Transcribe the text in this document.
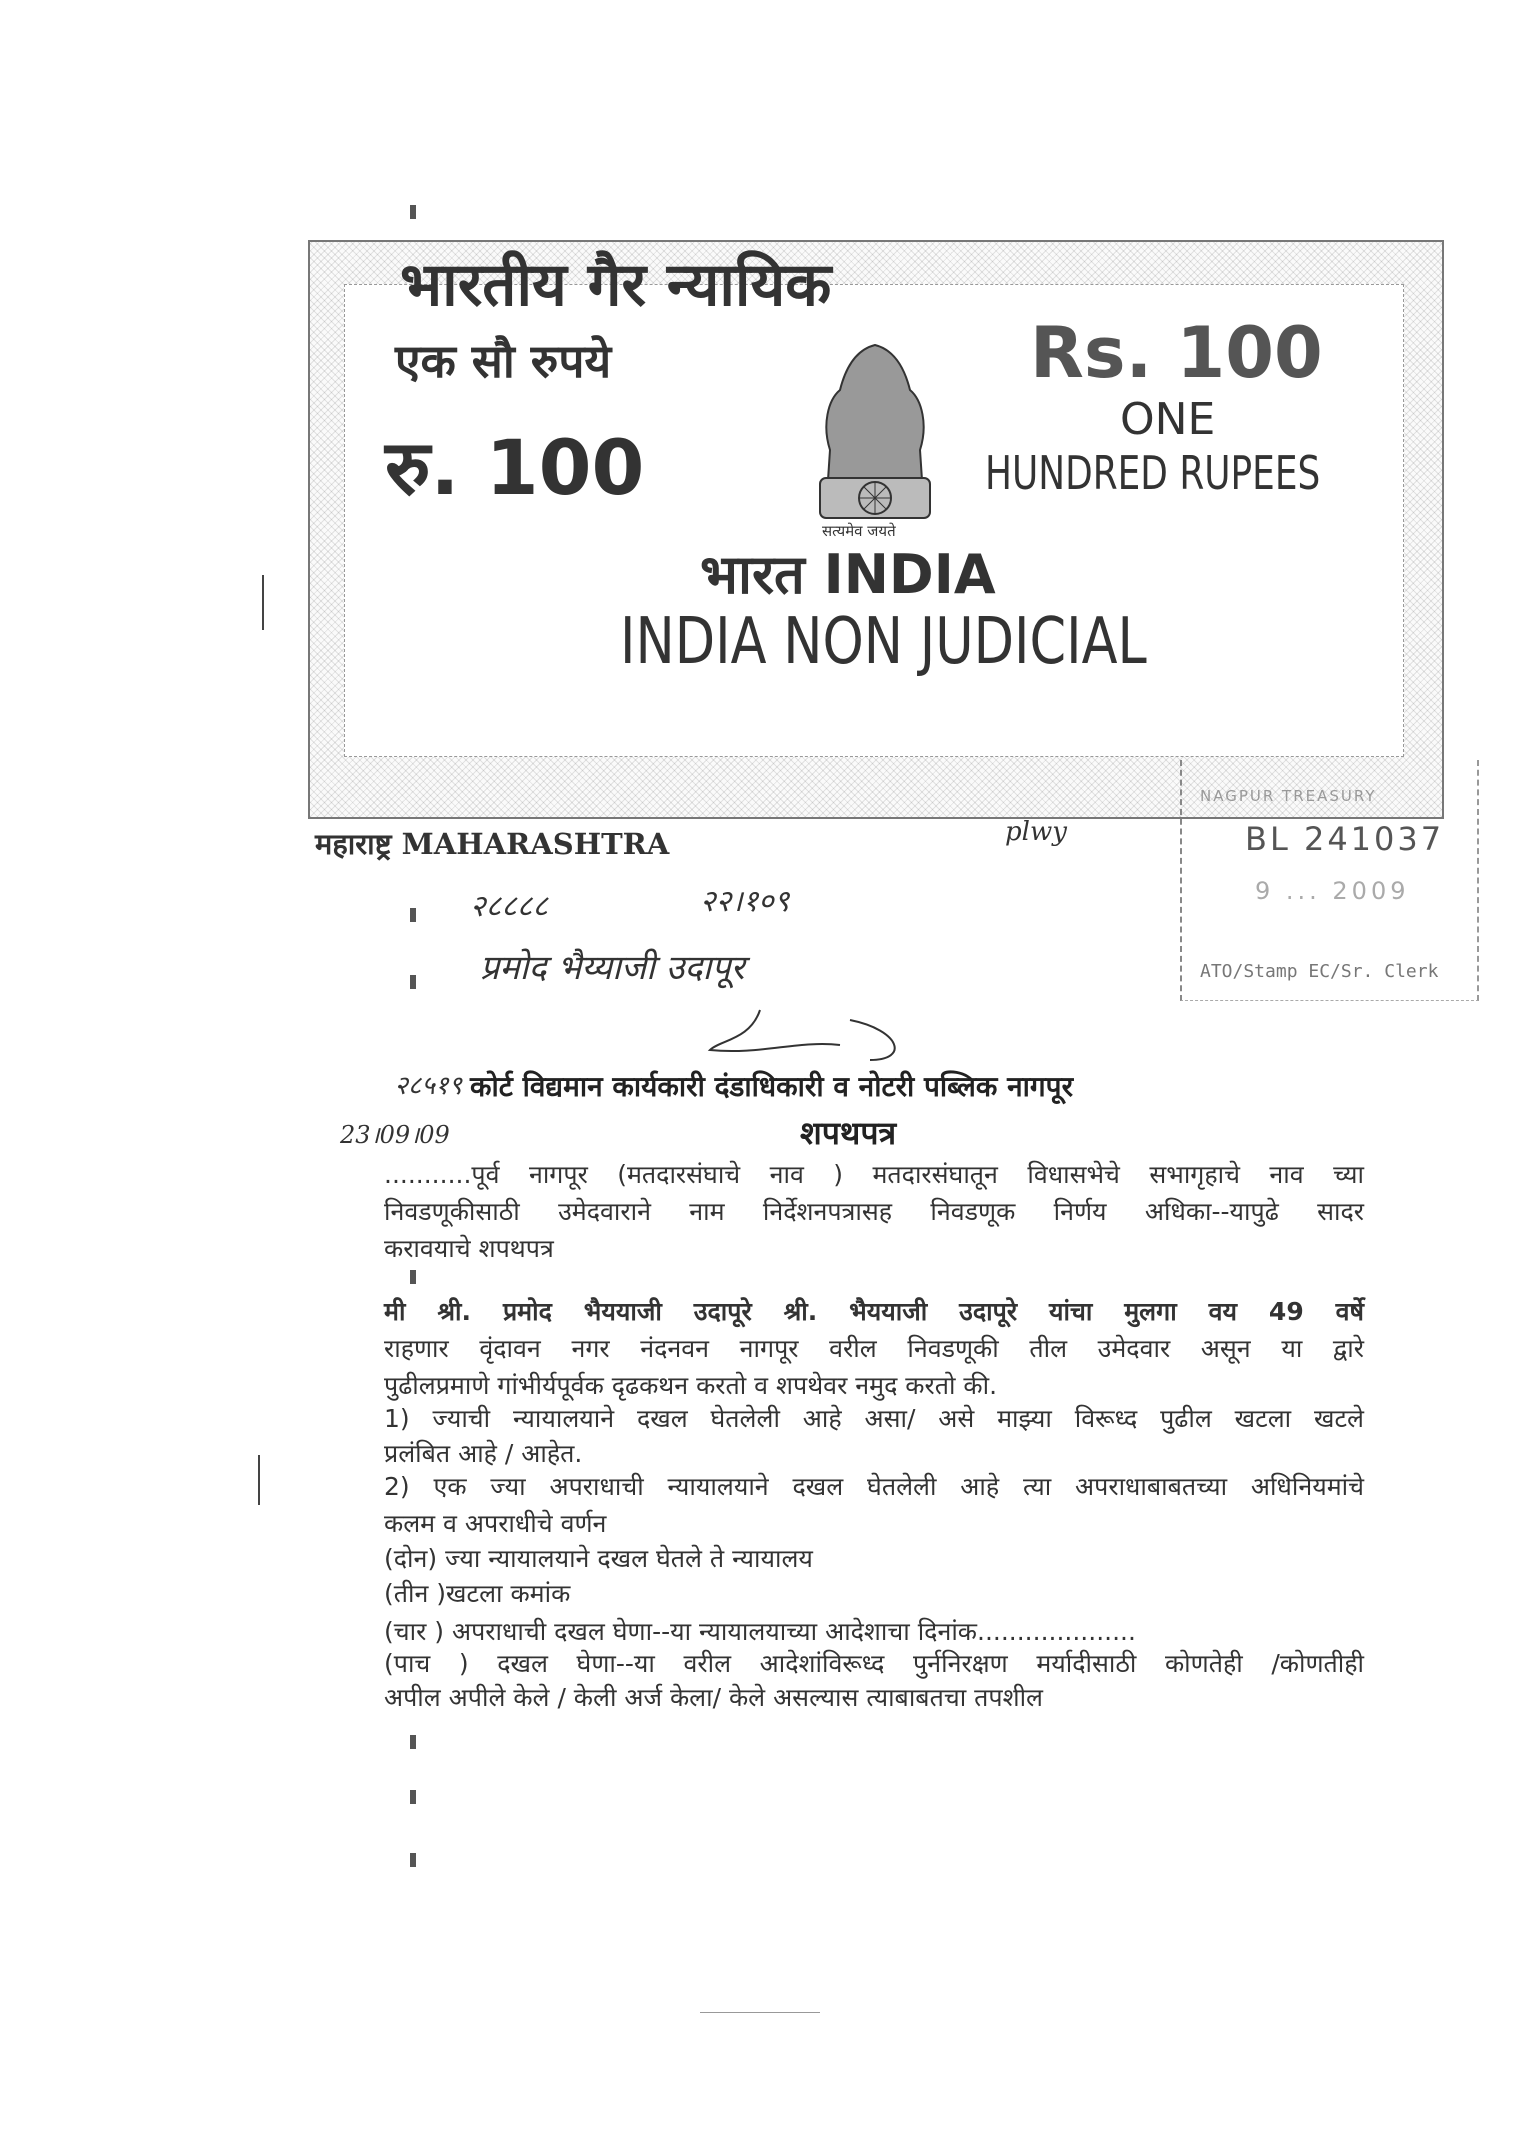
भारतीय गैर न्यायिक
एक सौ रुपये	Rs. 100
रु. 100
ONE
HUNDRED RUPEES
सत्यमेव जयते
भारत INDIA
INDIA NON JUDICIAL
महाराष्ट्र MAHARASHTRA	plwy
NAGPUR TREASURY
BL 241037
9 ... 2009
ATO/Stamp EC/Sr. Clerk
२८८८८	२२।१०९
प्रमोद भैय्याजी उदापूर
२८५१९
23।09।09
कोर्ट विद्यमान कार्यकारी दंडाधिकारी व नोटरी पब्लिक नागपूर
शपथपत्र
...........पूर्व नागपूर (मतदारसंघाचे नाव ) मतदारसंघातून विधासभेचे सभागृहाचे नाव च्या
निवडणूकीसाठी उमेदवाराने नाम निर्देशनपत्रासह निवडणूक निर्णय अधिका--यापुढे सादर
करावयाचे शपथपत्र
मी श्री. प्रमोद भैययाजी उदापूरे श्री. भैययाजी उदापूरे यांचा मुलगा वय 49 वर्षे
राहणार वृंदावन नगर नंदनवन नागपूर वरील निवडणूकी तील उमेदवार असून या द्वारे
पुढीलप्रमाणे गांभीर्यपूर्वक दृढकथन करतो व शपथेवर नमुद करतो की.
1) ज्याची न्यायालयाने दखल घेतलेली आहे असा/ असे माझ्या विरूध्द पुढील खटला खटले
प्रलंबित आहे / आहेत.
2) एक ज्या अपराधाची न्यायालयाने दखल घेतलेली आहे त्या अपराधाबाबतच्या अधिनियमांचे
कलम व अपराधीचे वर्णन
(दोन) ज्या न्यायालयाने दखल घेतले ते न्यायालय
(तीन )खटला कमांक
(चार ) अपराधाची दखल घेणा--या न्यायालयाच्या आदेशाचा दिनांक....................
(पाच ) दखल घेणा--या वरील आदेशांविरूध्द पुर्ननिरक्षण मर्यादीसाठी कोणतेही /कोणतीही
अपील अपीले केले / केली अर्ज केला/ केले असल्यास त्याबाबतचा तपशील
